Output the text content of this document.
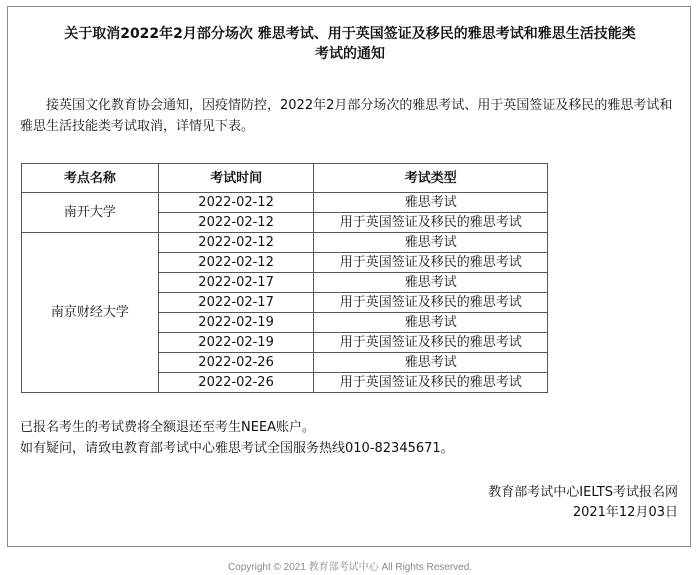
关于取消2022年2月部分场次 雅思考试、用于英国签证及移民的雅思考试和雅思生活技能类
考试的通知

接英国文化教育协会通知，因疫情防控，2022年2月部分场次的雅思考试、用于英国签证及移民的雅思考试和雅思生活技能类考试取消，详情见下表。

考点名称	考试时间	考试类型
南开大学	2022-02-12	雅思考试
	2022-02-12	用于英国签证及移民的雅思考试
南京财经大学	2022-02-12	雅思考试
	2022-02-12	用于英国签证及移民的雅思考试
	2022-02-17	雅思考试
	2022-02-17	用于英国签证及移民的雅思考试
	2022-02-19	雅思考试
	2022-02-19	用于英国签证及移民的雅思考试
	2022-02-26	雅思考试
	2022-02-26	用于英国签证及移民的雅思考试

已报名考生的考试费将全额退还至考生NEEA账户。

如有疑问，请致电教育部考试中心雅思考试全国服务热线010-82345671。

教育部考试中心IELTS考试报名网
2021年12月03日
Copyright © 2021 教育部考试中心 All Rights Reserved.
